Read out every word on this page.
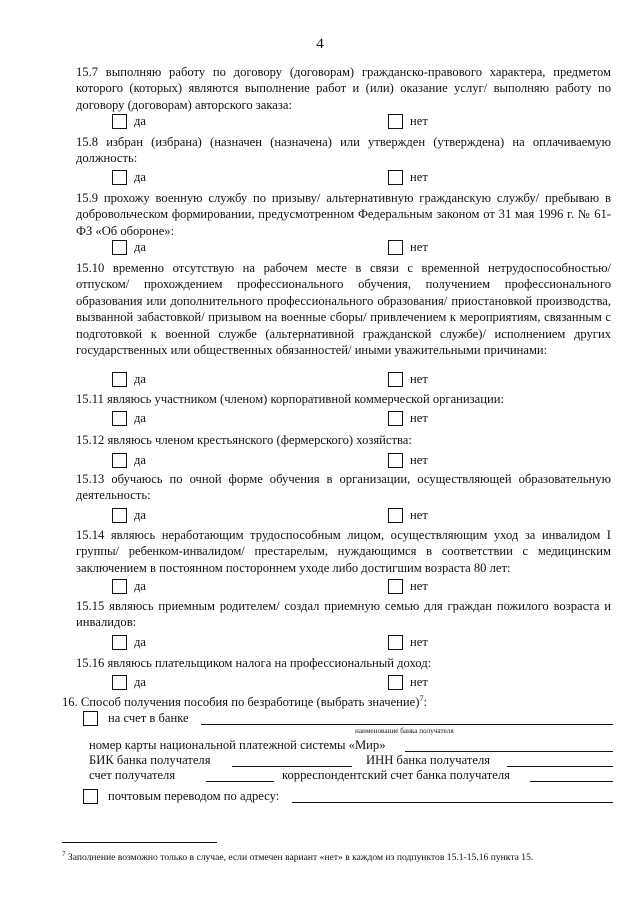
4
15.7 выполняю работу по договору (договорам) гражданско-правового характера, предметом которого (которых) являются выполнение работ и (или) оказание услуг/ выполняю работу по договору (договорам) авторского заказа:
да	нет
15.8 избран (избрана) (назначен (назначена) или утвержден (утверждена) на оплачиваемую должность:
да	нет
15.9 прохожу военную службу по призыву/ альтернативную гражданскую службу/ пребываю в добровольческом формировании, предусмотренном Федеральным законом от 31 мая 1996 г. № 61-ФЗ «Об обороне»:
да	нет
15.10 временно отсутствую на рабочем месте в связи с временной нетрудоспособностью/ отпуском/ прохождением профессионального обучения, получением профессионального образования или дополнительного профессионального образования/ приостановкой производства, вызванной забастовкой/ призывом на военные сборы/ привлечением к мероприятиям, связанным с подготовкой к военной службе (альтернативной гражданской службе)/ исполнением других государственных или общественных обязанностей/ иными уважительными причинами:
да	нет
15.11 являюсь участником (членом) корпоративной коммерческой организации:
да	нет
15.12 являюсь членом крестьянского (фермерского) хозяйства:
да	нет
15.13 обучаюсь по очной форме обучения в организации, осуществляющей образовательную деятельность:
да	нет
15.14 являюсь неработающим трудоспособным лицом, осуществляющим уход за инвалидом I группы/ ребенком-инвалидом/ престарелым, нуждающимся в соответствии с медицинским заключением в постоянном постороннем уходе либо достигшим возраста 80 лет:
да	нет
15.15 являюсь приемным родителем/ создал приемную семью для граждан пожилого возраста и инвалидов:
да	нет
15.16 являюсь плательщиком налога на профессиональный доход:
да	нет
16. Способ получения пособия по безработице (выбрать значение)$^7$:
на счет в банке
наименование банка получателя
номер карты национальной платежной системы «Мир»
БИК банка получателя	ИНН банка получателя
счет получателя	корреспондентский счет банка получателя
почтовым переводом по адресу:
$^7$ Заполнение возможно только в случае, если отмечен вариант «нет» в каждом из подпунктов 15.1-15.16 пункта 15.
